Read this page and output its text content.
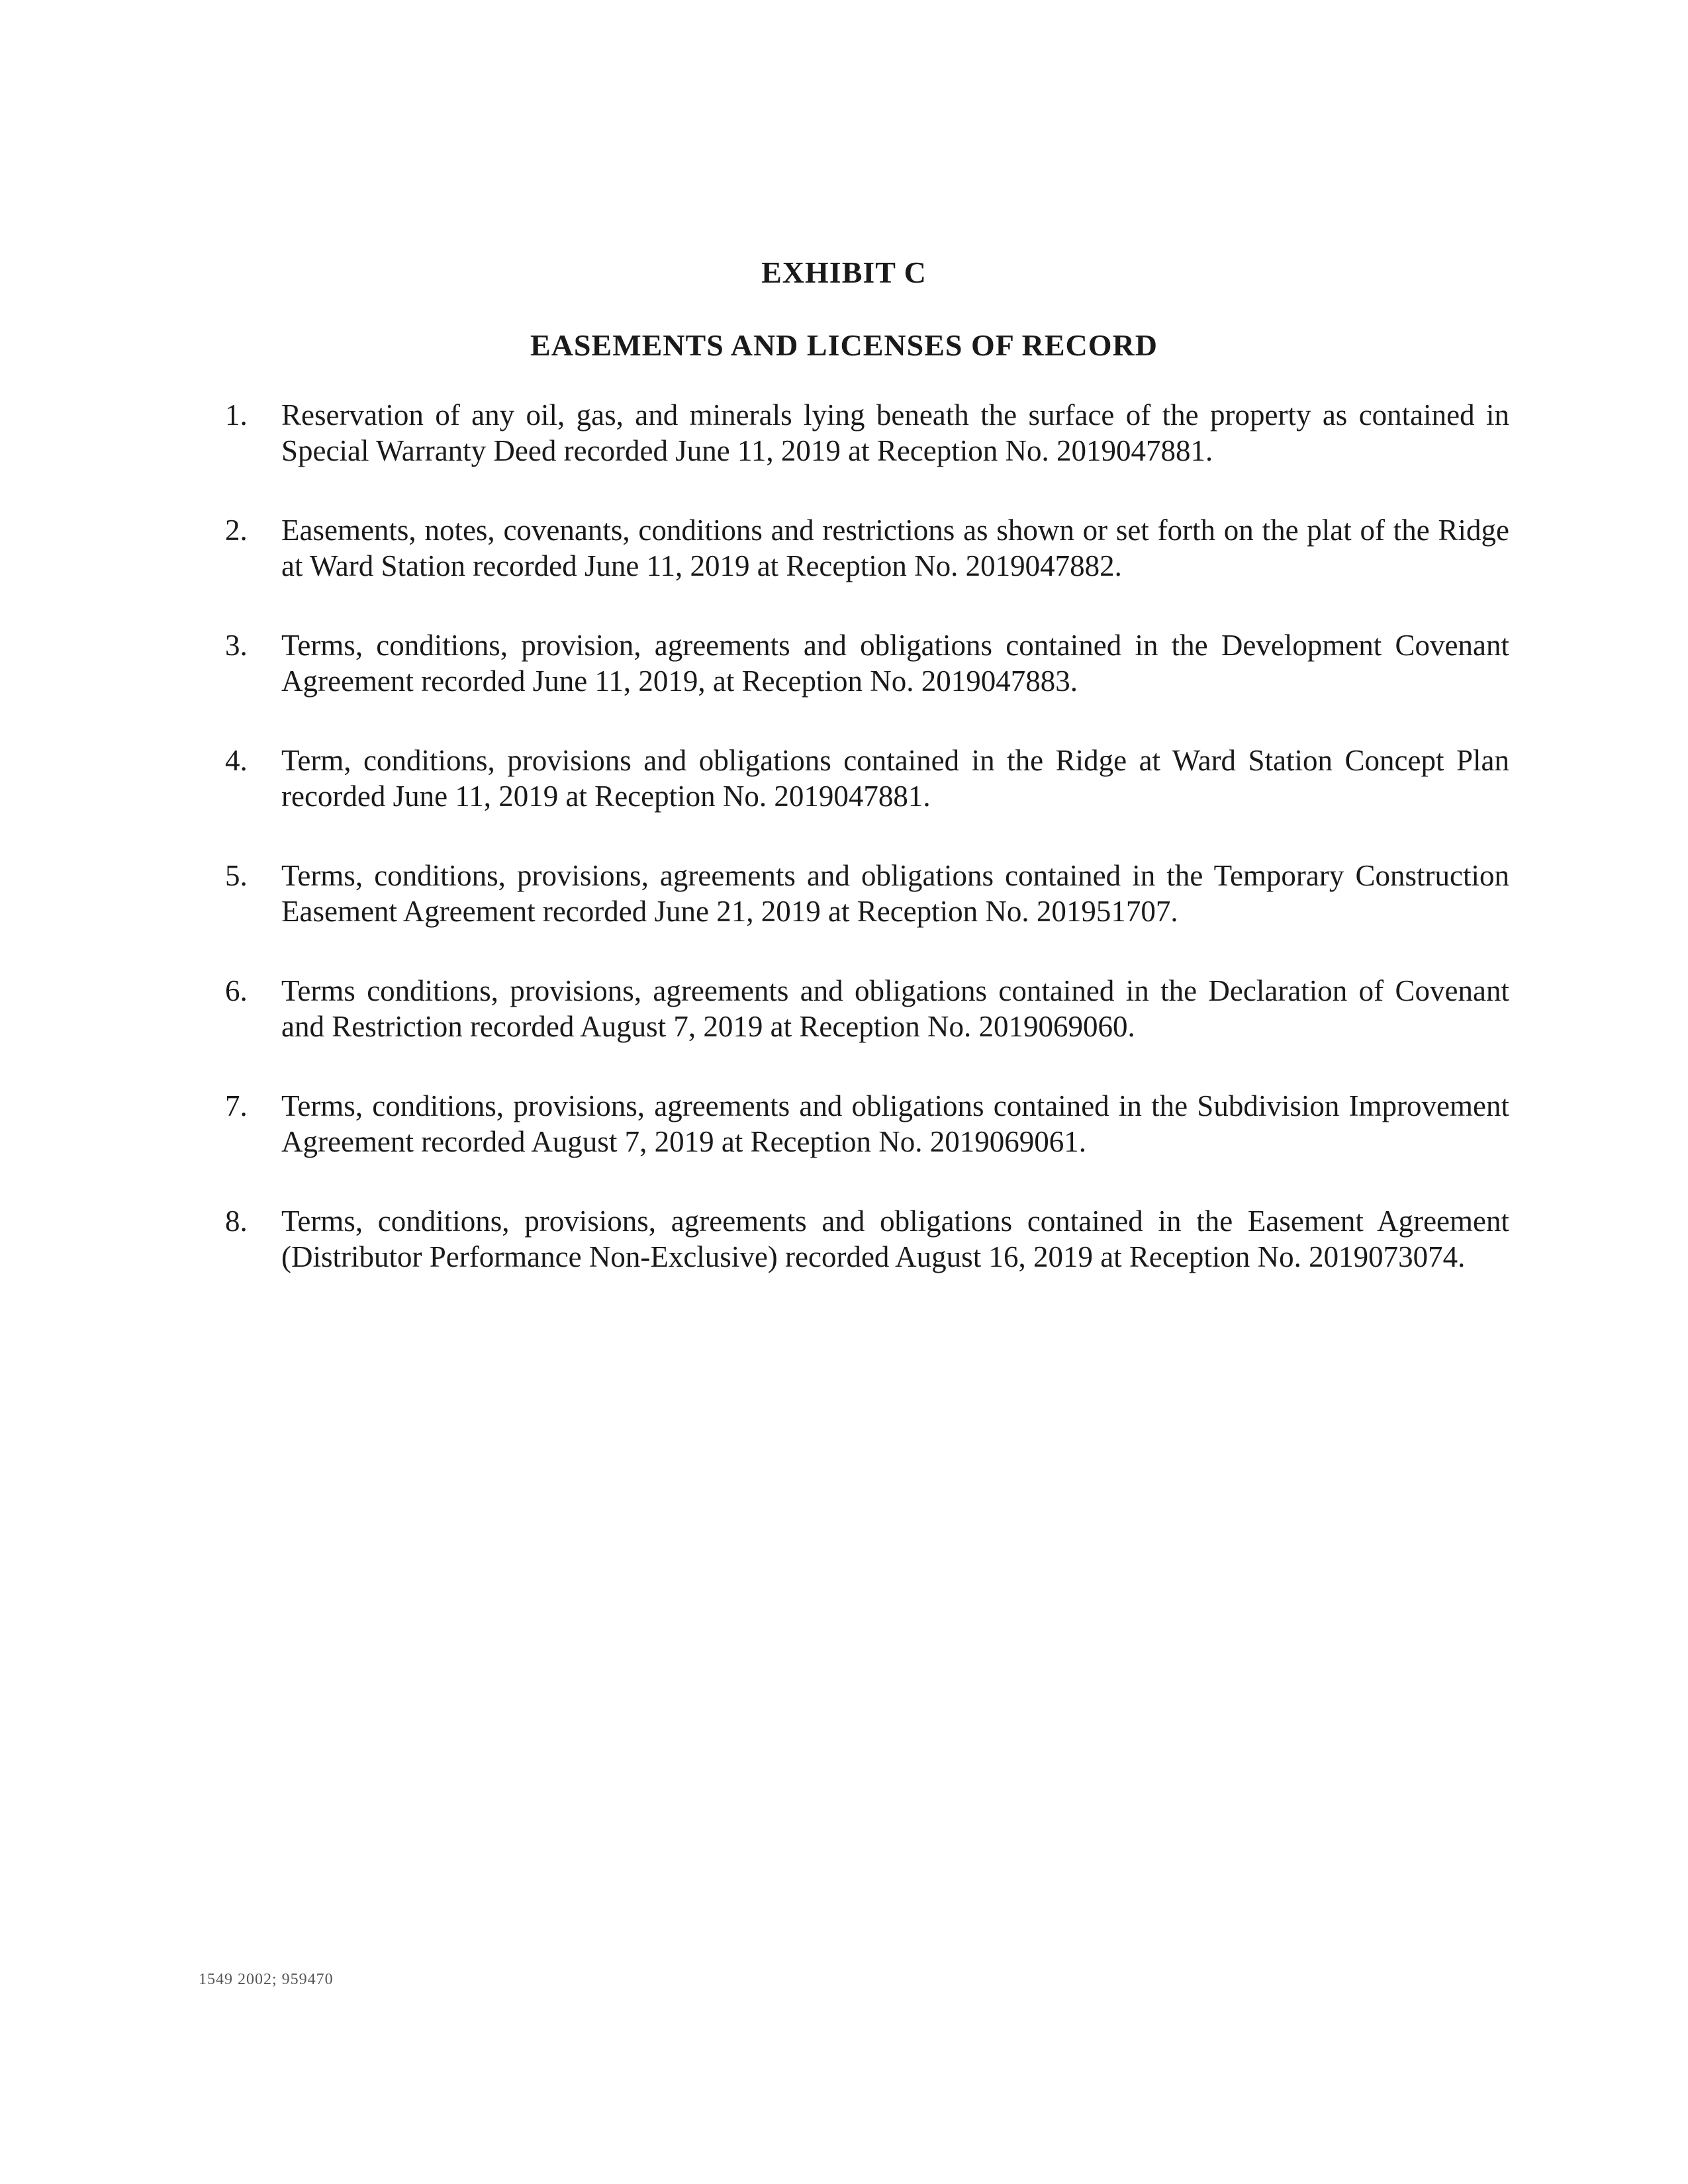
EXHIBIT C
EASEMENTS AND LICENSES OF RECORD
1.	Reservation of any oil, gas, and minerals lying beneath the surface of the property as contained in Special Warranty Deed recorded June 11, 2019 at Reception No. 2019047881.
2.	Easements, notes, covenants, conditions and restrictions as shown or set forth on the plat of the Ridge at Ward Station recorded June 11, 2019 at Reception No. 2019047882.
3.	Terms, conditions, provision, agreements and obligations contained in the Development Covenant Agreement recorded June 11, 2019, at Reception No. 2019047883.
4.	Term, conditions, provisions and obligations contained in the Ridge at Ward Station Concept Plan recorded June 11, 2019 at Reception No. 2019047881.
5.	Terms, conditions, provisions, agreements and obligations contained in the Temporary Construction Easement Agreement recorded June 21, 2019 at Reception No. 201951707.
6.	Terms conditions, provisions, agreements and obligations contained in the Declaration of Covenant and Restriction recorded August 7, 2019 at Reception No. 2019069060.
7.	Terms, conditions, provisions, agreements and obligations contained in the Subdivision Improvement Agreement recorded August 7, 2019 at Reception No. 2019069061.
8.	Terms, conditions, provisions, agreements and obligations contained in the Easement Agreement (Distributor Performance Non-Exclusive) recorded August 16, 2019 at Reception No. 2019073074.
1549 2002; 959470
